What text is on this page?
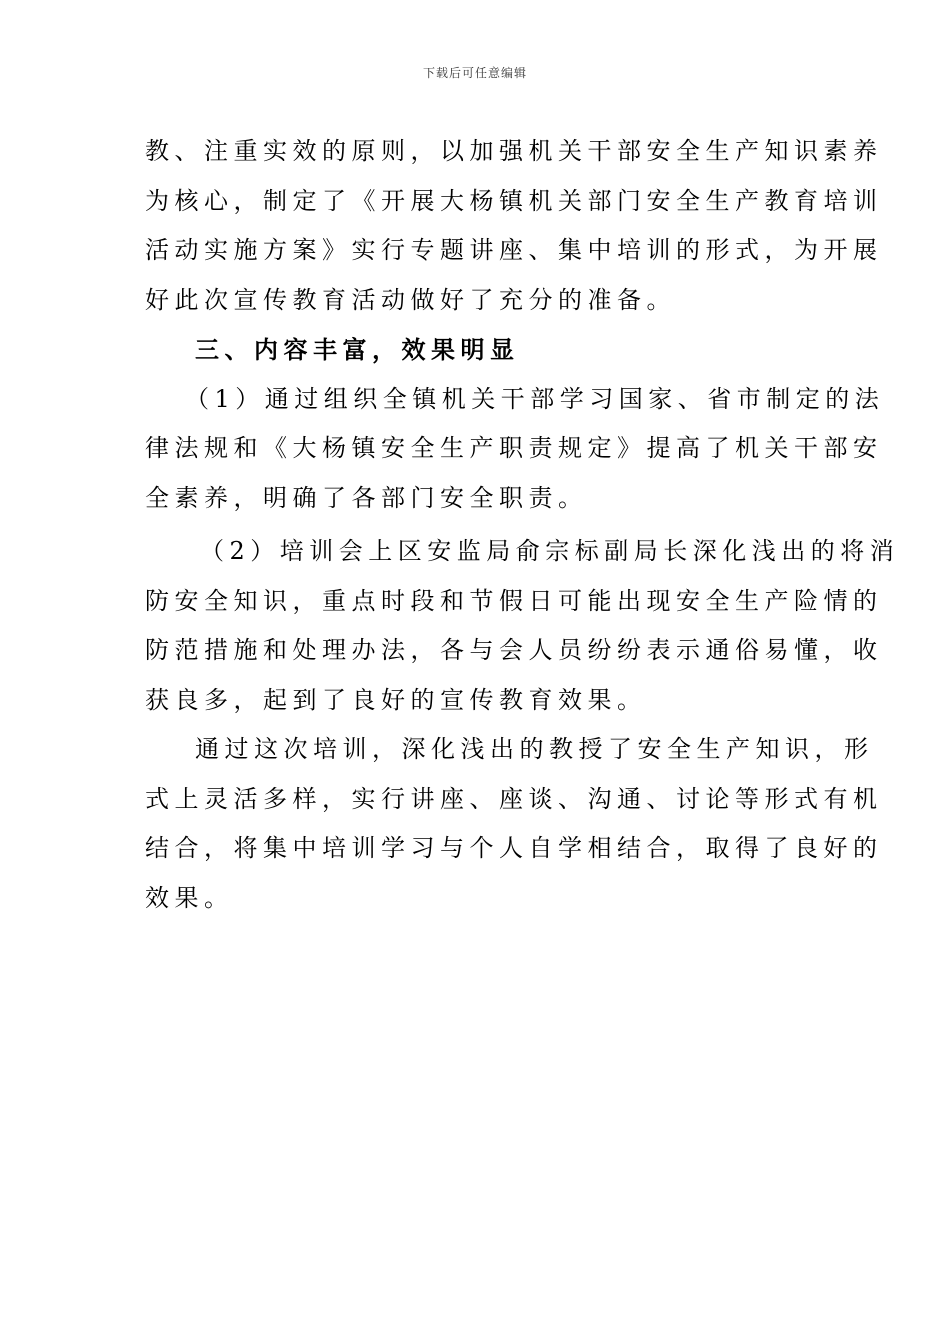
下载后可任意编辑
教、注重实效的原则，以加强机关干部安全生产知识素养
为核心，制定了《开展大杨镇机关部门安全生产教育培训
活动实施方案》实行专题讲座、集中培训的形式，为开展
好此次宣传教育活动做好了充分的准备。
三、内容丰富，效果明显
（1）通过组织全镇机关干部学习国家、省市制定的法
律法规和《大杨镇安全生产职责规定》提高了机关干部安
全素养，明确了各部门安全职责。
（2）培训会上区安监局俞宗标副局长深化浅出的将消
防安全知识，重点时段和节假日可能出现安全生产险情的
防范措施和处理办法，各与会人员纷纷表示通俗易懂，收
获良多，起到了良好的宣传教育效果。
通过这次培训，深化浅出的教授了安全生产知识，形
式上灵活多样，实行讲座、座谈、沟通、讨论等形式有机
结合，将集中培训学习与个人自学相结合，取得了良好的
效果。
